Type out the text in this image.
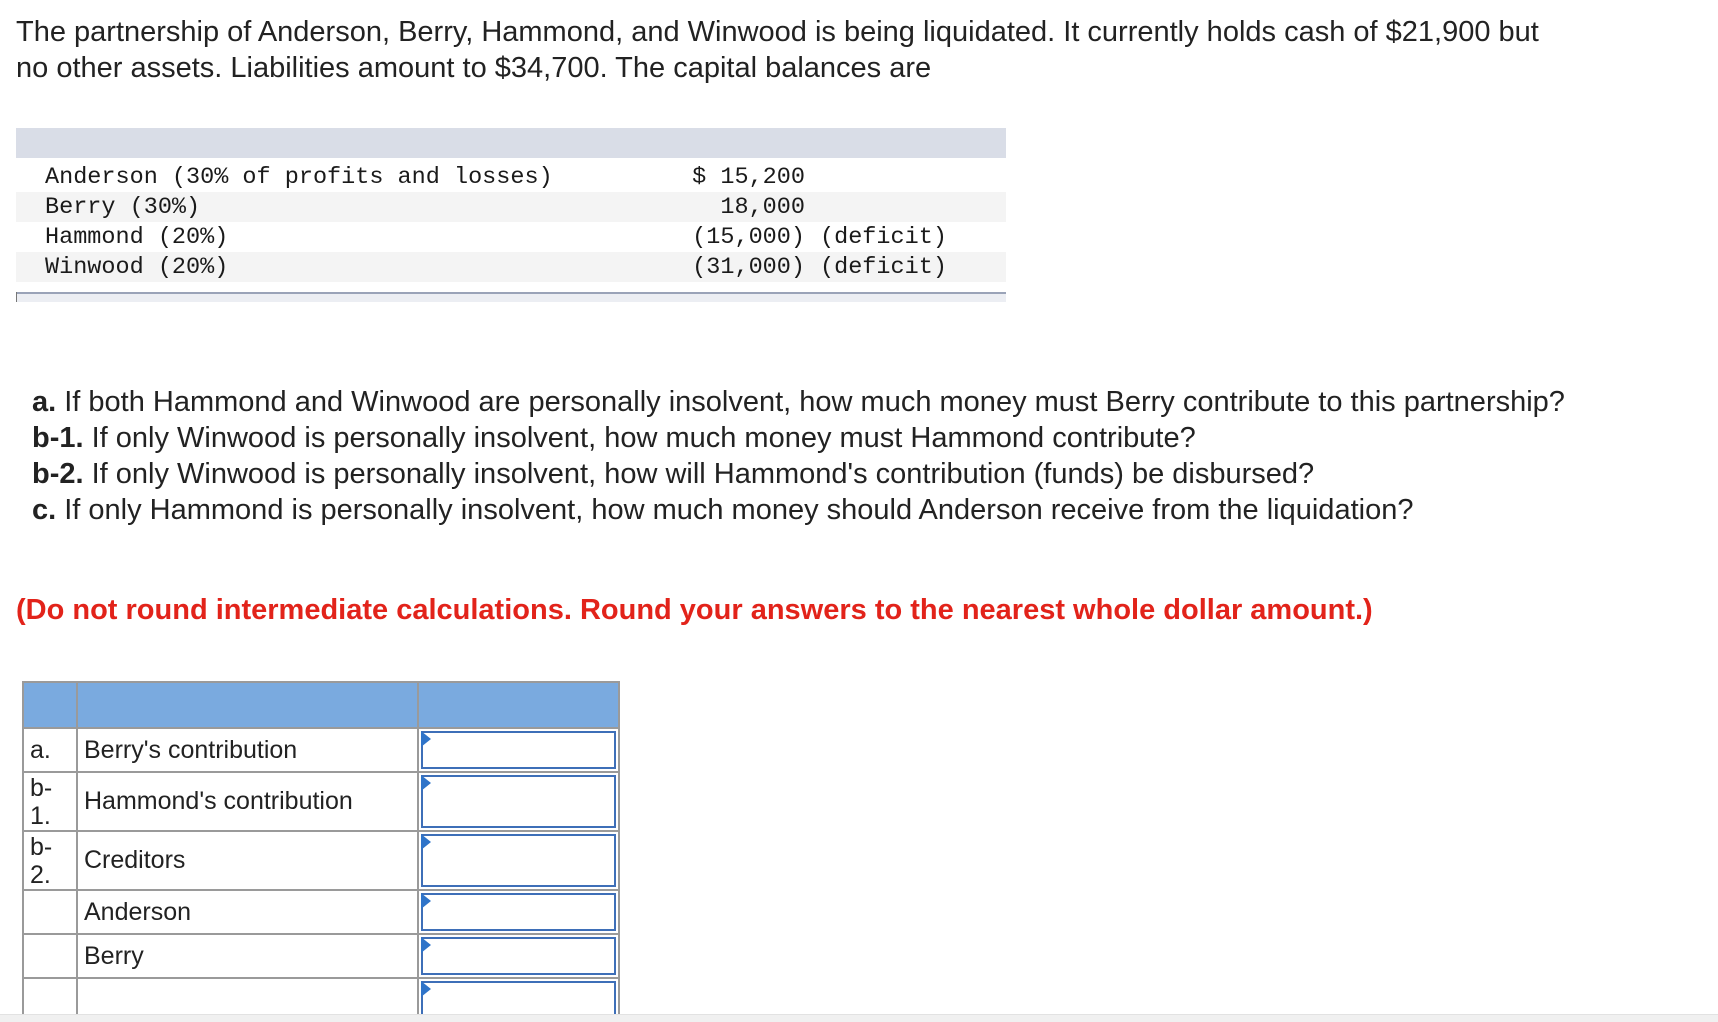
The partnership of Anderson, Berry, Hammond, and Winwood is being liquidated. It currently holds cash of $21,900 but
no other assets. Liabilities amount to $34,700. The capital balances are
Anderson (30% of profits and losses)	$ 15,200
Berry (30%)	18,000
Hammond (20%)	(15,000) (deficit)
Winwood (20%)	(31,000) (deficit)

a. If both Hammond and Winwood are personally insolvent, how much money must Berry contribute to this partnership?

b-1. If only Winwood is personally insolvent, how much money must Hammond contribute?

b-2. If only Winwood is personally insolvent, how will Hammond's contribution (funds) be disbursed?

c. If only Hammond is personally insolvent, how much money should Anderson receive from the liquidation?

(Do not round intermediate calculations. Round your answers to the nearest whole dollar amount.)

a.	Berry's contribution	

b-
1.	Hammond's contribution	

b-
2.	Creditors	

	Anderson	

	Berry	
